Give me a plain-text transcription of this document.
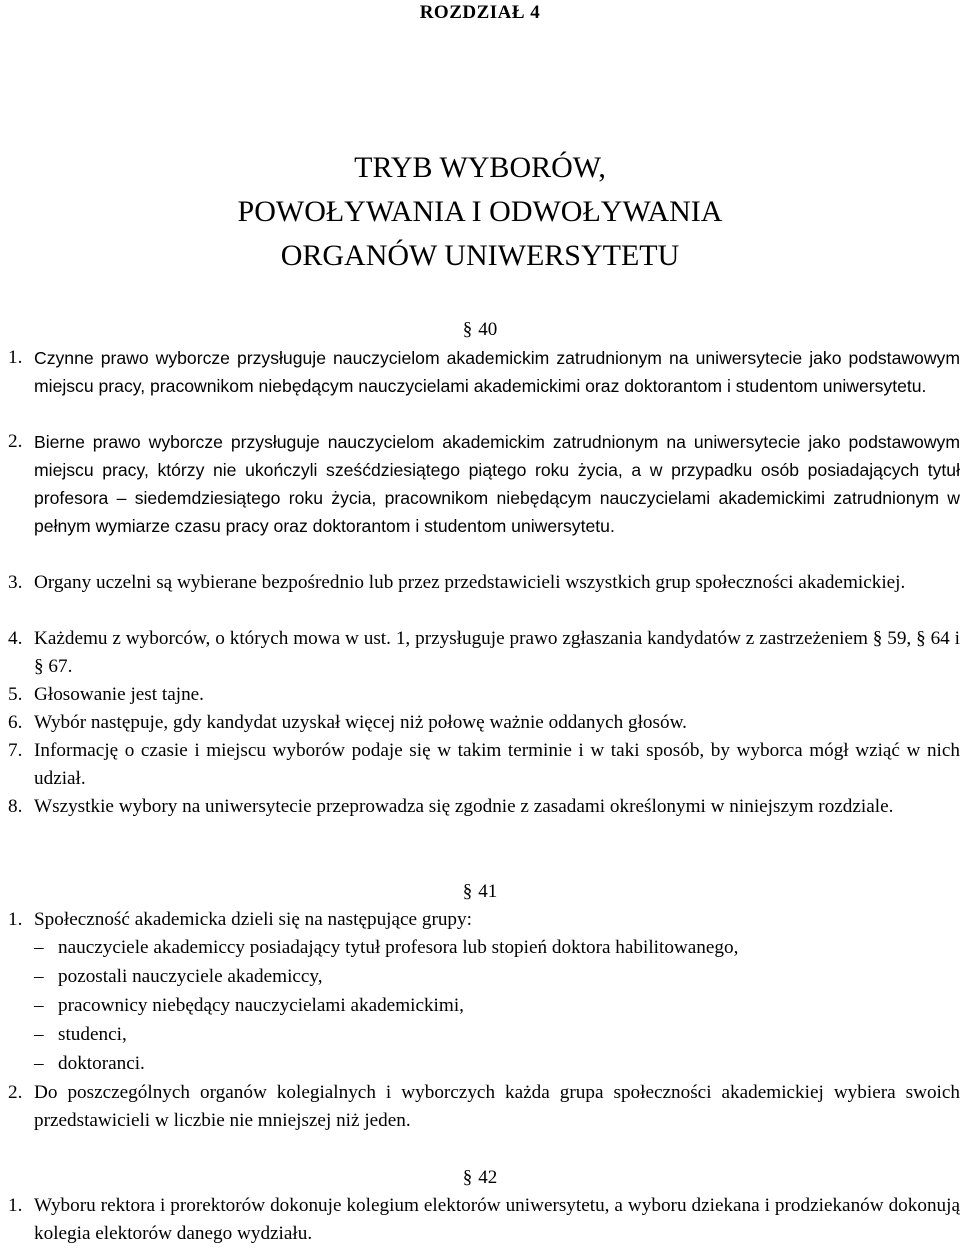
ROZDZIAŁ 4
TRYB WYBORÓW,
POWOŁYWANIA I ODWOŁYWANIA
ORGANÓW UNIWERSYTETU
§ 40
1. Czynne prawo wyborcze przysługuje nauczycielom akademickim zatrudnionym na uniwersytecie jako podstawowym miejscu pracy, pracownikom niebędącym nauczycielami akademickimi oraz doktorantom i studentom uniwersytetu.
2. Bierne prawo wyborcze przysługuje nauczycielom akademickim zatrudnionym na uniwersytecie jako podstawowym miejscu pracy, którzy nie ukończyli sześćdziesiątego piątego roku życia, a w przypadku osób posiadających tytuł profesora – siedemdziesiątego roku życia, pracownikom niebędącym nauczycielami akademickimi zatrudnionym w pełnym wymiarze czasu pracy oraz doktorantom i studentom uniwersytetu.
3. Organy uczelni są wybierane bezpośrednio lub przez przedstawicieli wszystkich grup społeczności akademickiej.
4. Każdemu z wyborców, o których mowa w ust. 1, przysługuje prawo zgłaszania kandydatów z zastrzeżeniem § 59, § 64 i § 67.
5. Głosowanie jest tajne.
6. Wybór następuje, gdy kandydat uzyskał więcej niż połowę ważnie oddanych głosów.
7. Informację o czasie i miejscu wyborów podaje się w takim terminie i w taki sposób, by wyborca mógł wziąć w nich udział.
8. Wszystkie wybory na uniwersytecie przeprowadza się zgodnie z zasadami określonymi w niniejszym rozdziale.
§ 41
1. Społeczność akademicka dzieli się na następujące grupy:
– nauczyciele akademiccy posiadający tytuł profesora lub stopień doktora habilitowanego,
– pozostali nauczyciele akademiccy,
– pracownicy niebędący nauczycielami akademickimi,
– studenci,
– doktoranci.
2. Do poszczególnych organów kolegialnych i wyborczych każda grupa społeczności akademickiej wybiera swoich przedstawicieli w liczbie nie mniejszej niż jeden.
§ 42
1. Wyboru rektora i prorektorów dokonuje kolegium elektorów uniwersytetu, a wyboru dziekana i prodziekanów dokonują kolegia elektorów danego wydziału.
